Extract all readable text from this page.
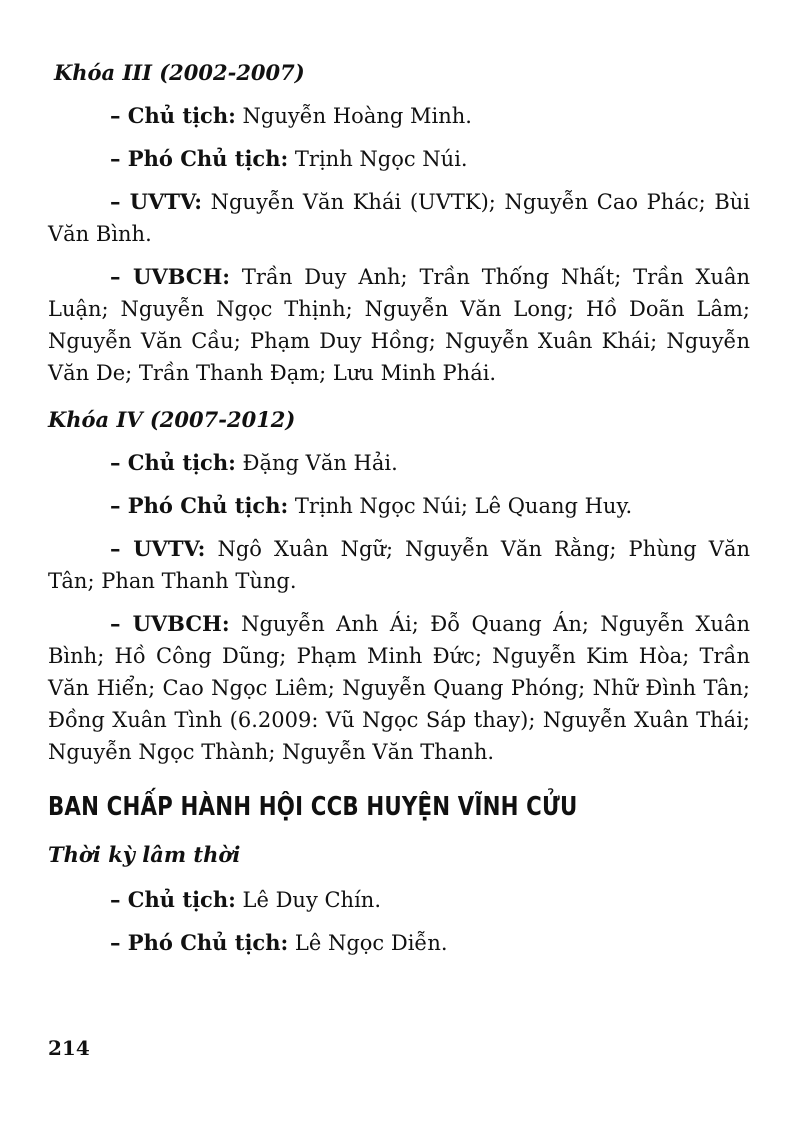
Khóa III (2002-2007)

– Chủ tịch: Nguyễn Hoàng Minh.

– Phó Chủ tịch: Trịnh Ngọc Núi.

– UVTV: Nguyễn Văn Khái (UVTK); Nguyễn Cao Phác; Bùi Văn Bình.

– UVBCH: Trần Duy Anh; Trần Thống Nhất; Trần Xuân Luận; Nguyễn Ngọc Thịnh; Nguyễn Văn Long; Hồ Doãn Lâm; Nguyễn Văn Cầu; Phạm Duy Hồng; Nguyễn Xuân Khái; Nguyễn Văn De; Trần Thanh Đạm; Lưu Minh Phái.

Khóa IV (2007-2012)

– Chủ tịch: Đặng Văn Hải.

– Phó Chủ tịch: Trịnh Ngọc Núi; Lê Quang Huy.

– UVTV: Ngô Xuân Ngữ; Nguyễn Văn Rằng; Phùng Văn Tân; Phan Thanh Tùng.

– UVBCH: Nguyễn Anh Ái; Đỗ Quang Án; Nguyễn Xuân Bình; Hồ Công Dũng; Phạm Minh Đức; Nguyễn Kim Hòa; Trần Văn Hiển; Cao Ngọc Liêm; Nguyễn Quang Phóng; Nhữ Đình Tân; Đồng Xuân Tình (6.2009: Vũ Ngọc Sáp thay); Nguyễn Xuân Thái; Nguyễn Ngọc Thành; Nguyễn Văn Thanh.

BAN CHẤP HÀNH HỘI CCB HUYỆN VĨNH CỬU
Thời kỳ lâm thời

– Chủ tịch: Lê Duy Chín.

– Phó Chủ tịch: Lê Ngọc Diễn.

214
